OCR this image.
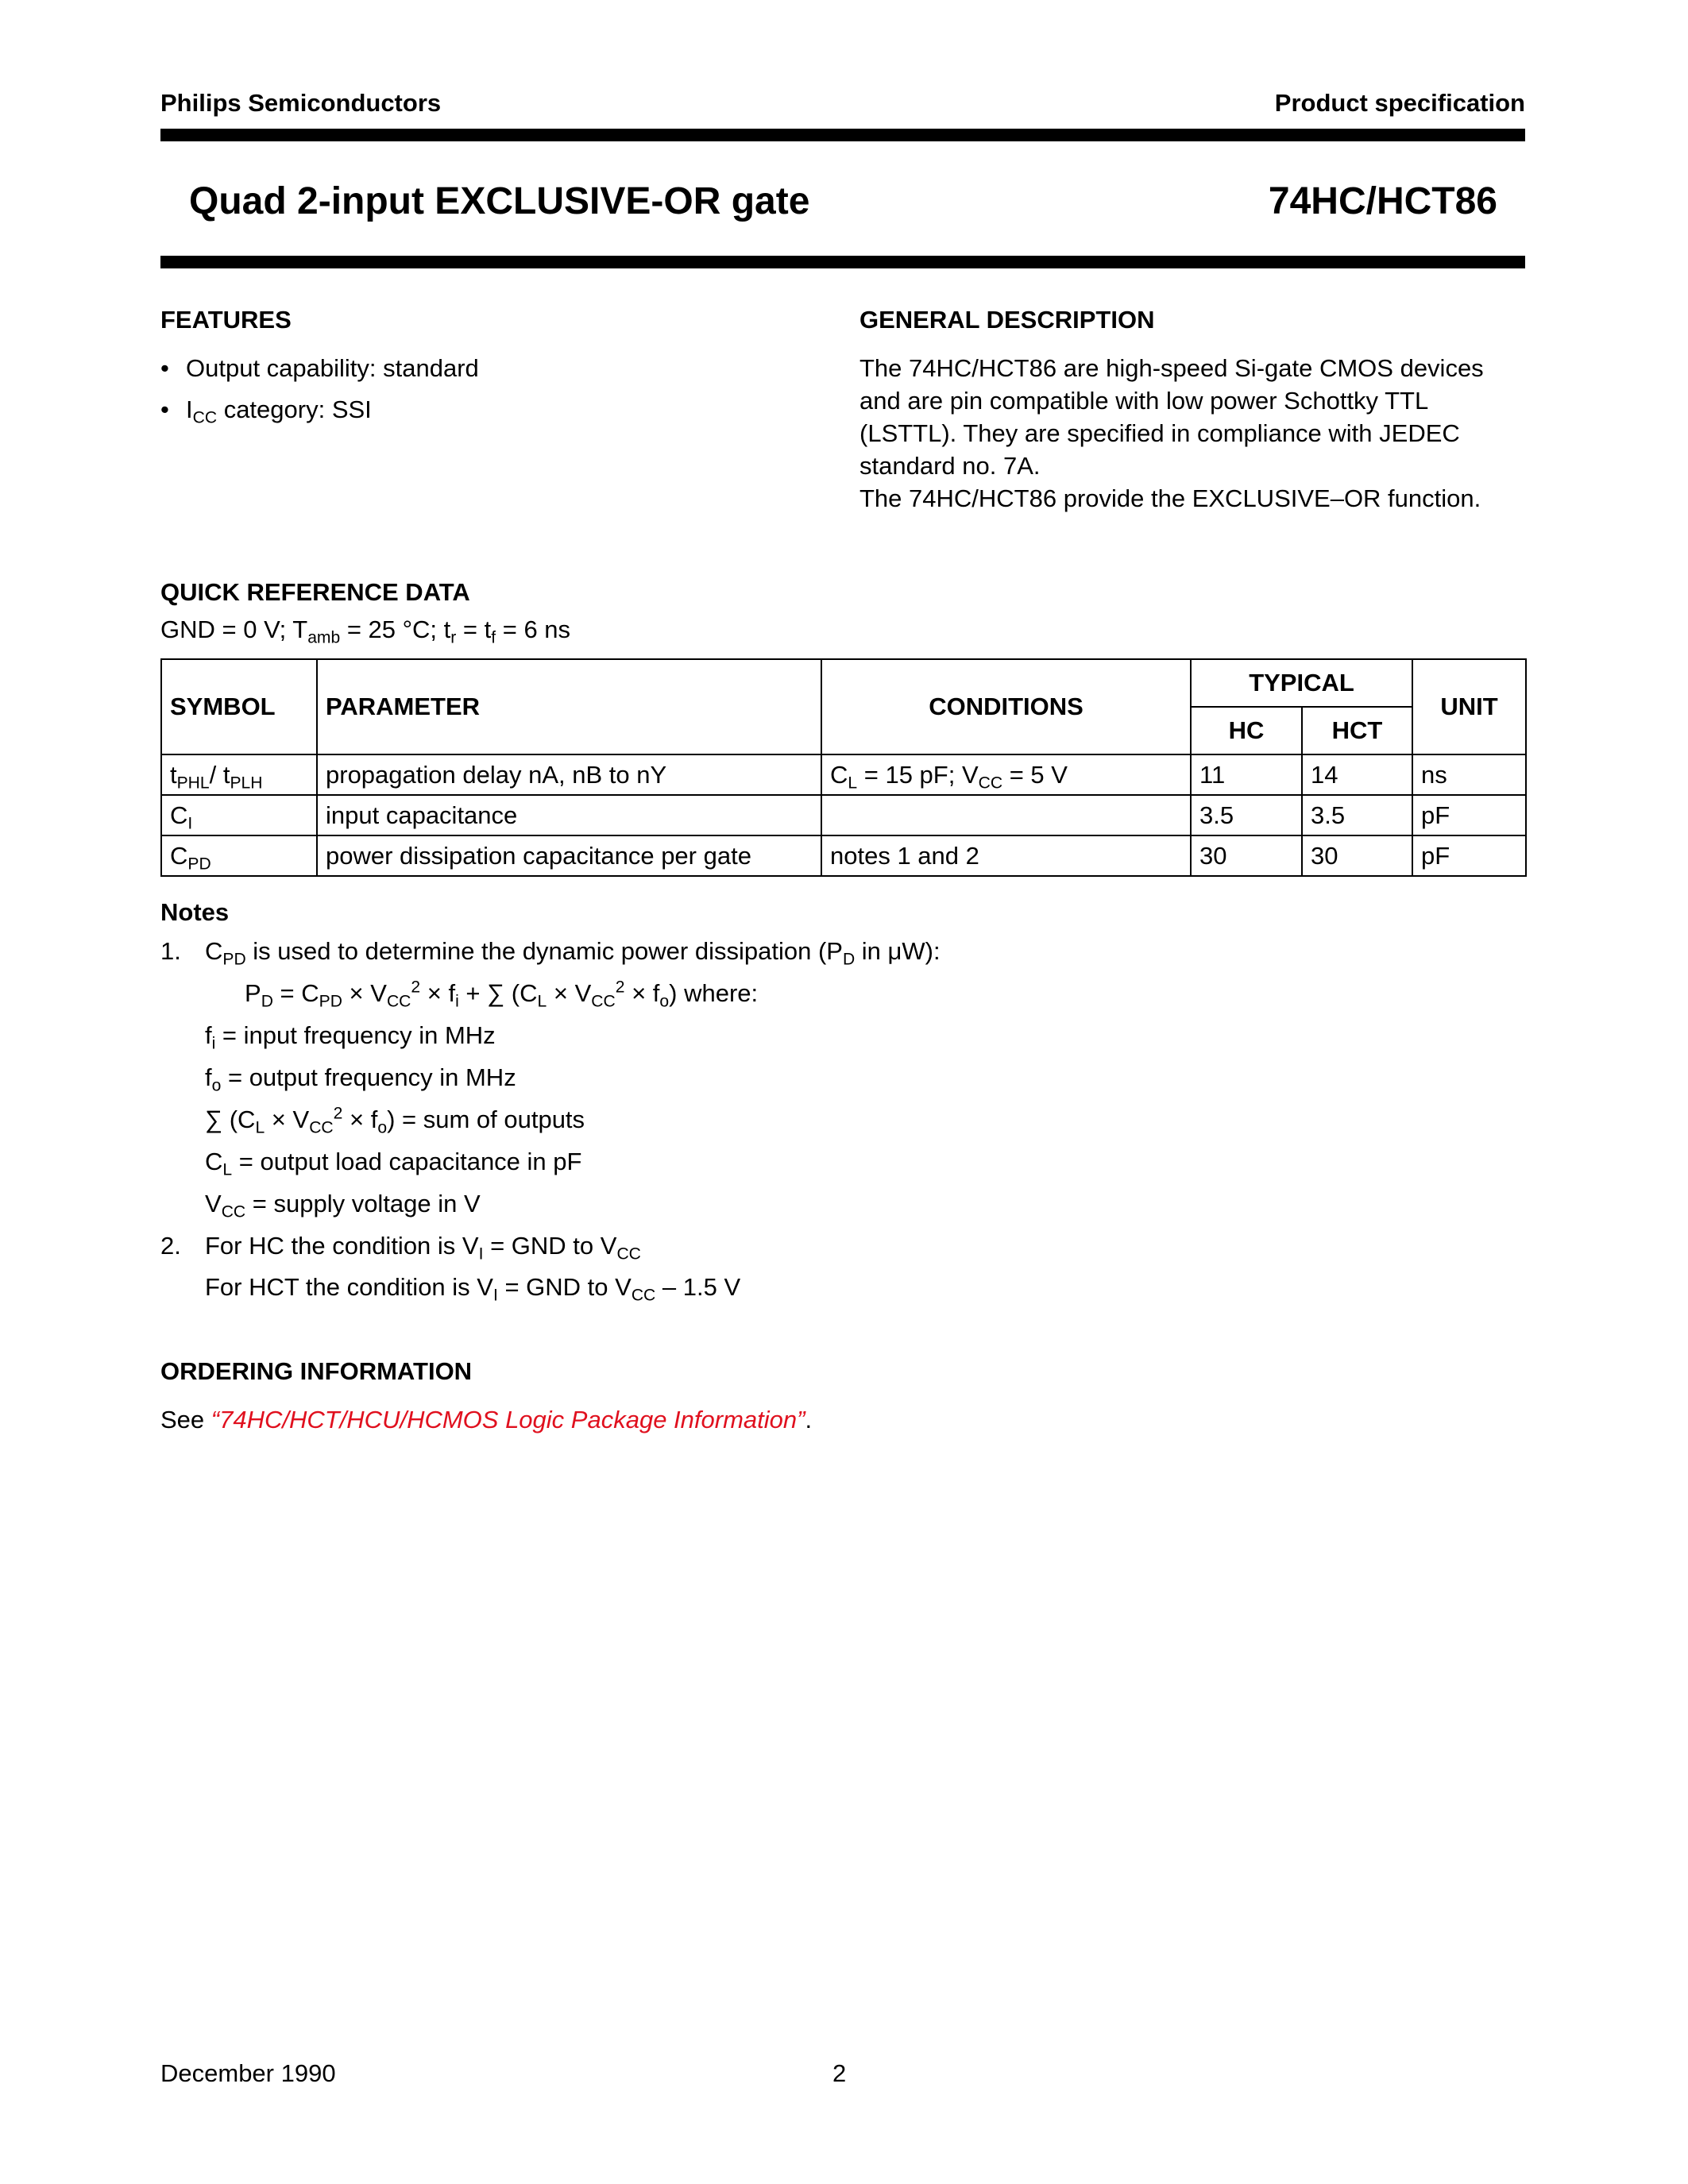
Philips Semiconductors	Product specification
Quad 2-input EXCLUSIVE-OR gate	74HC/HCT86
FEATURES
• Output capability: standard
• $I_{CC}$ category: SSI
GENERAL DESCRIPTION
The 74HC/HCT86 are high-speed Si-gate CMOS devices
and are pin compatible with low power Schottky TTL
(LSTTL). They are specified in compliance with JEDEC
standard no. 7A.
The 74HC/HCT86 provide the EXCLUSIVE–OR function.
QUICK REFERENCE DATA
GND = 0 V; $T_{amb} = 25$ °C; $t_r = t_f = 6$ ns
SYMBOL	PARAMETER	CONDITIONS	TYPICAL		UNIT
			HC	HCT	
$t_{PHL}/$ $t_{PLH}$	propagation delay nA, nB to nY	$C_L = 15$ pF; $V_{CC} = 5$ V	11	14	ns
$C_I$	input capacitance		3.5	3.5	pF
$C_{PD}$	power dissipation capacitance per gate	notes 1 and 2	30	30	pF
Notes
1. $C_{PD}$ is used to determine the dynamic power dissipation ($P_D$ in μW):
$P_D = C_{PD} \times V_{CC}^2 \times f_i$ + ∑ $(C_L \times V_{CC}^2 \times f_o)$ where:
$f_i$ = input frequency in MHz
$f_o$ = output frequency in MHz
∑ $(C_L \times V_{CC}^2 \times f_o)$ = sum of outputs
$C_L$ = output load capacitance in pF
$V_{CC}$ = supply voltage in V
2. For HC the condition is $V_I$ = GND to $V_{CC}$
For HCT the condition is $V_I$ = GND to $V_{CC} - 1.5$ V
ORDERING INFORMATION
See “74HC/HCT/HCU/HCMOS Logic Package Information”.
December 1990	2
